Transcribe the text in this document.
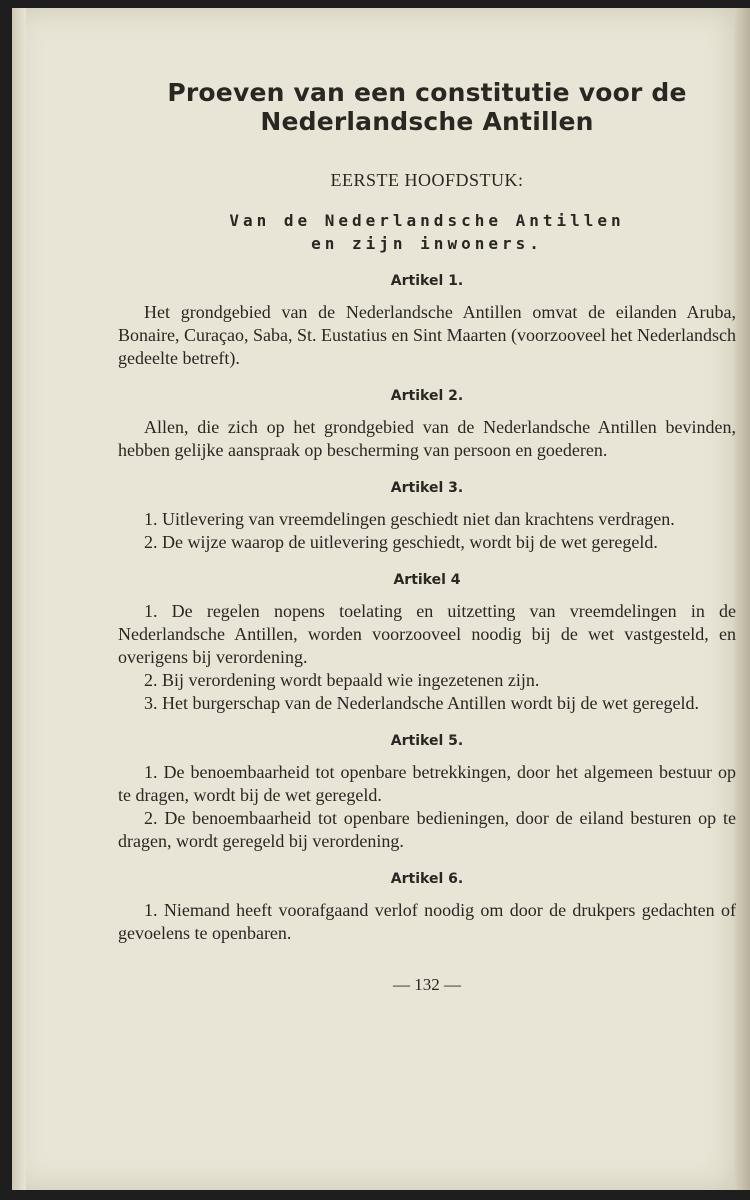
Proeven van een constitutie voor de
Nederlandsche Antillen
EERSTE HOOFDSTUK:
Van de Nederlandsche Antillen
en zijn inwoners.
Artikel 1.

Het grondgebied van de Nederlandsche Antillen omvat de eilanden Aruba, Bonaire, Curaçao, Saba, St. Eustatius en Sint Maarten (voorzooveel het Nederlandsch gedeelte betreft).

Artikel 2.

Allen, die zich op het grondgebied van de Nederlandsche Antillen bevinden, hebben gelijke aanspraak op bescherming van persoon en goederen.

Artikel 3.

1. Uitlevering van vreemdelingen geschiedt niet dan krachtens verdragen.

2. De wijze waarop de uitlevering geschiedt, wordt bij de wet geregeld.

Artikel 4

1. De regelen nopens toelating en uitzetting van vreemdelingen in de Nederlandsche Antillen, worden voorzooveel noodig bij de wet vastgesteld, en overigens bij verordening.

2. Bij verordening wordt bepaald wie ingezetenen zijn.

3. Het burgerschap van de Nederlandsche Antillen wordt bij de wet geregeld.

Artikel 5.

1. De benoembaarheid tot openbare betrekkingen, door het algemeen bestuur op te dragen, wordt bij de wet geregeld.

2. De benoembaarheid tot openbare bedieningen, door de eiland besturen op te dragen, wordt geregeld bij verordening.

Artikel 6.

1. Niemand heeft voorafgaand verlof noodig om door de drukpers gedachten of gevoelens te openbaren.

— 132 —
